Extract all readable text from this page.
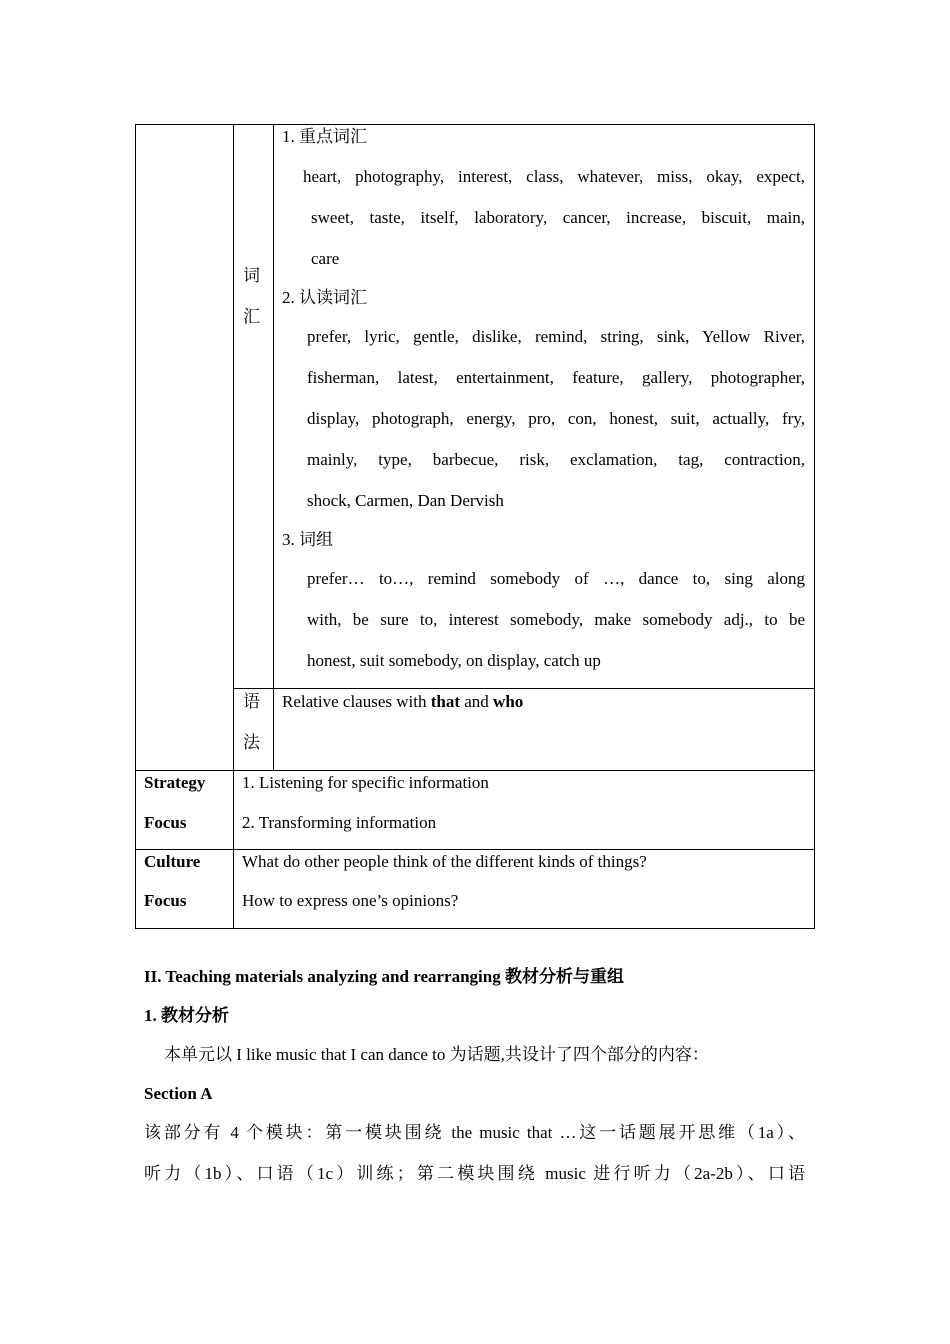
词
汇
1. 重点词汇
heart, photography, interest, class, whatever, miss, okay, expect,
sweet, taste, itself, laboratory, cancer, increase, biscuit, main,
care
2. 认读词汇
prefer, lyric, gentle, dislike, remind, string, sink, Yellow River,
fisherman, latest, entertainment, feature, gallery, photographer,
display, photograph, energy, pro, con, honest, suit, actually, fry,
mainly, type, barbecue, risk, exclamation, tag, contraction,
shock, Carmen, Dan Dervish
3. 词组
prefer… to…, remind somebody of …, dance to, sing along
with, be sure to, interest somebody, make somebody adj., to be
honest, suit somebody, on display, catch up
语
法
Relative clauses with that and who
Strategy
Focus
1. Listening for specific information
2. Transforming information
Culture
Focus
What do other people think of the different kinds of things?
How to express one’s opinions?
II. Teaching materials analyzing and rearranging 教材分析与重组
1. 教材分析
本单元以 I like music that I can dance to 为话题,共设计了四个部分的内容：
Section A
该部分有 4 个模块：第一模块围绕 the music that …这一话题展开思维（1a）、
听力（1b）、口语（1c）训练；第二模块围绕 music 进行听力（2a-2b）、口语
